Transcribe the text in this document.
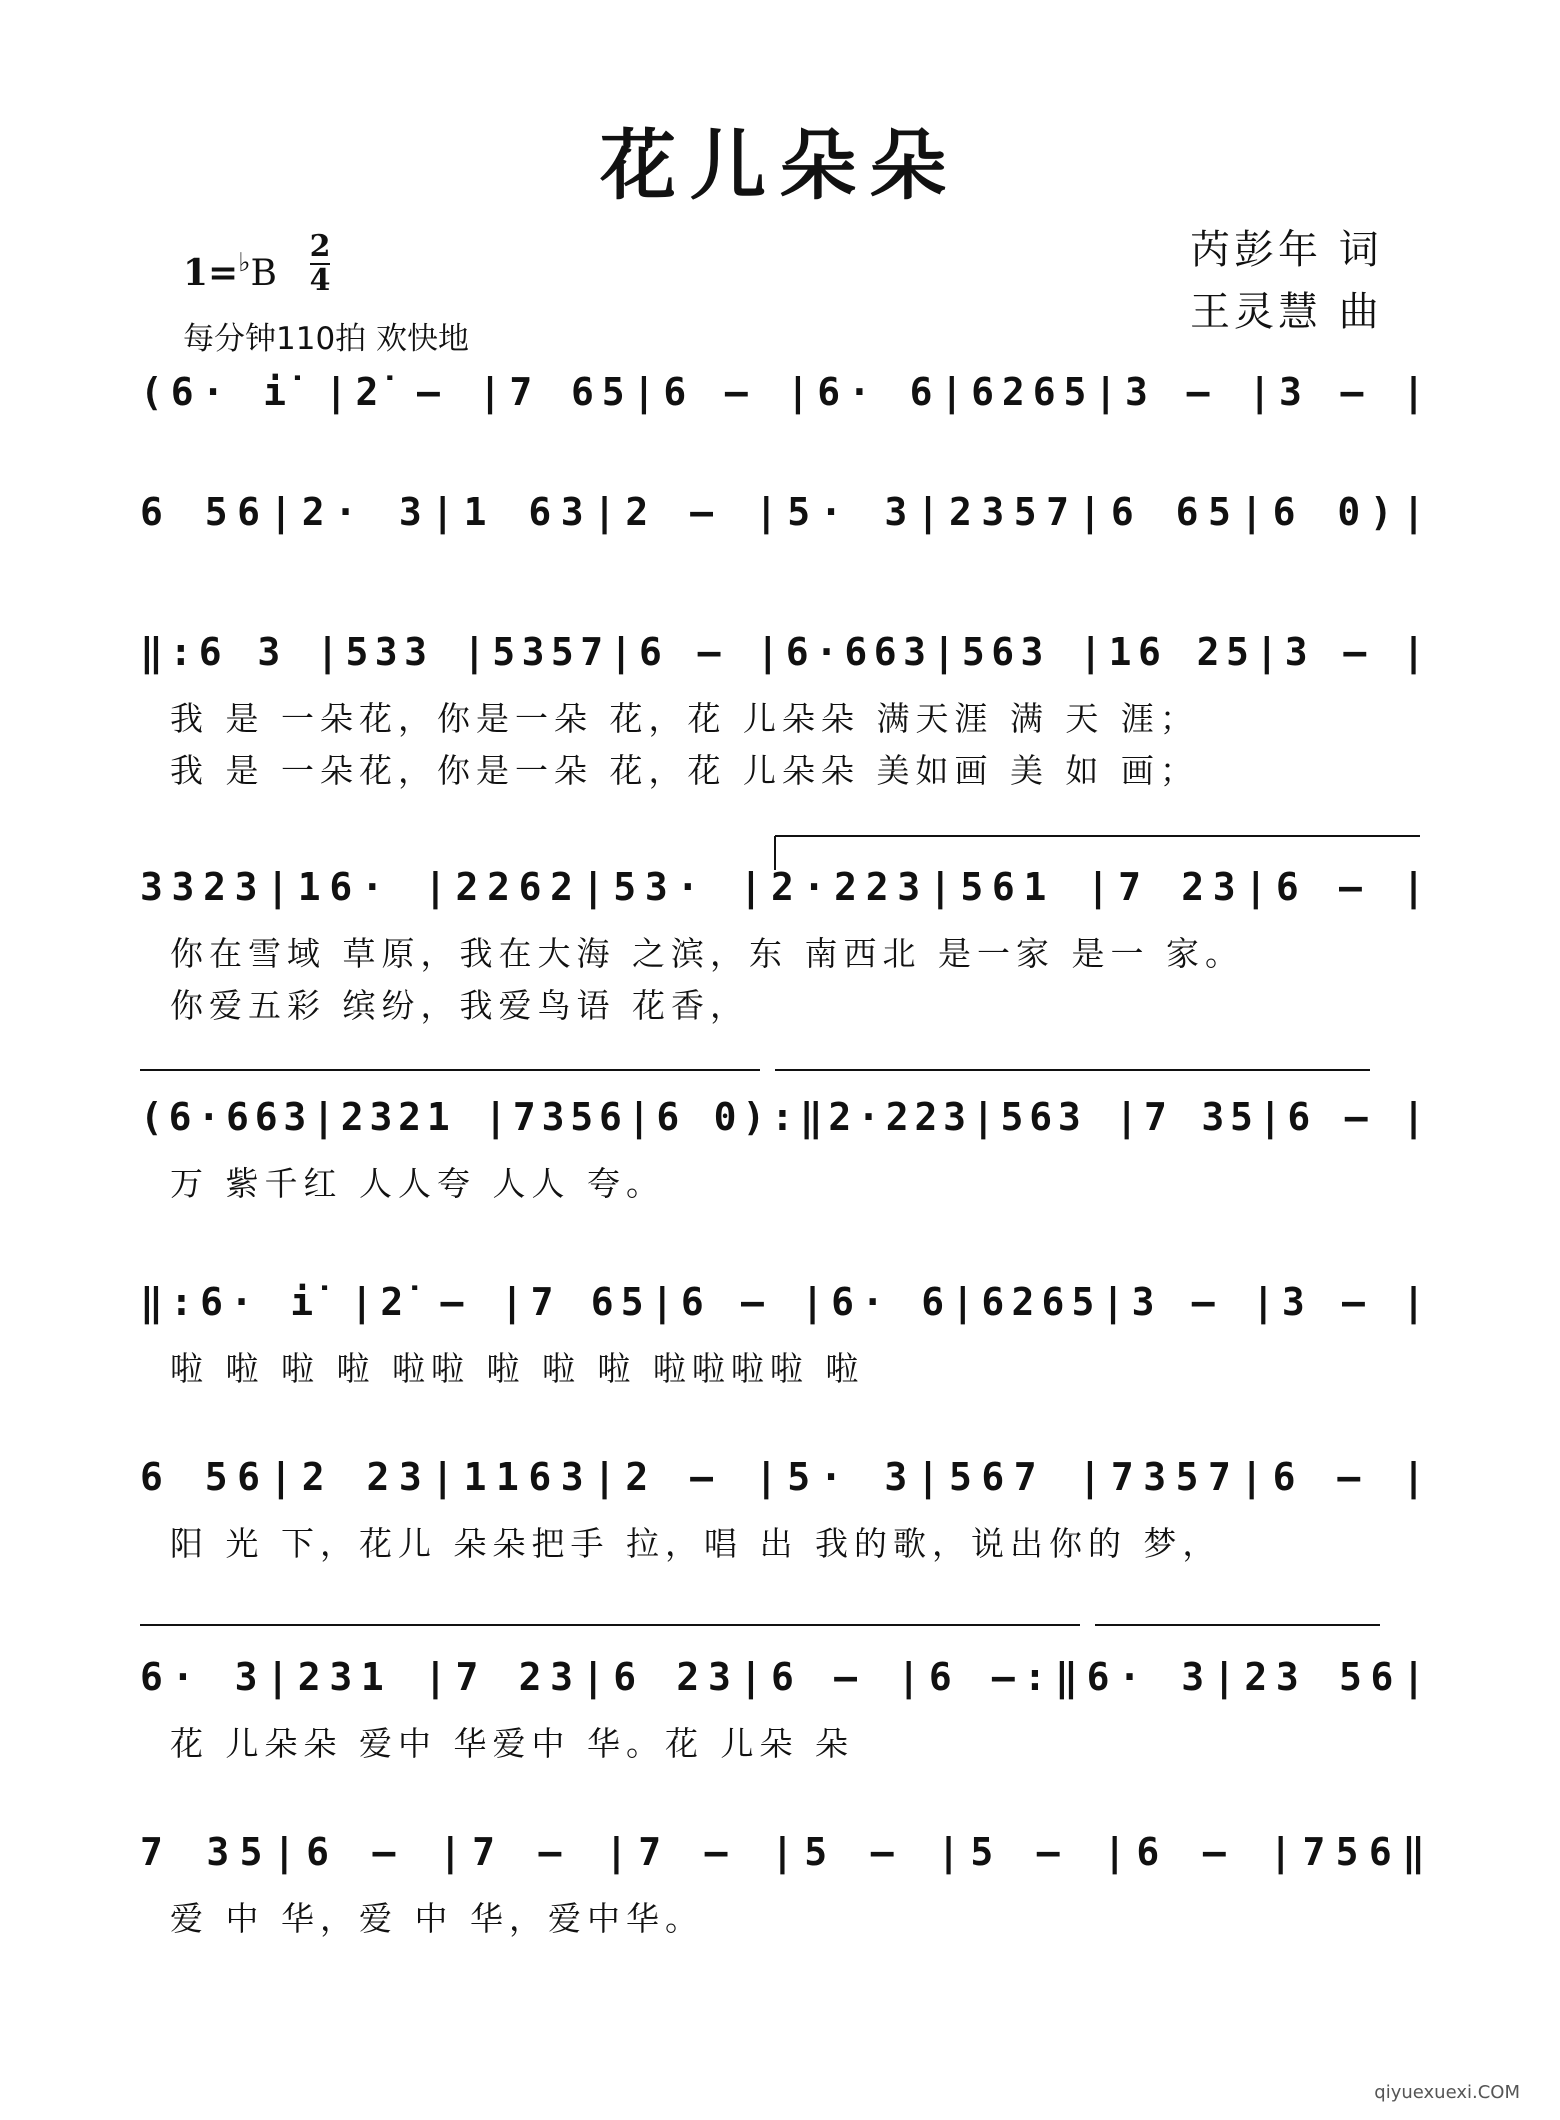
花儿朵朵
1=♭B
2
4
每分钟110拍 欢快地
芮彭年 词
王灵慧 曲
(6· i̇ |2̇ – |7 65|6 – |6· 6|6265|3 – |3 – |
6 56|2· 3|1 63|2 – |5· 3|2357|6 65|6 0)|
‖:6 3 |533 |5357|6 – |6·663|563 |16 25|3 – |
我 是 一朵花，你是一朵 花，花 儿朵朵 满天涯 满 天 涯；
我 是 一朵花，你是一朵 花，花 儿朵朵 美如画 美 如 画；
3323|16· |2262|53· |2·223|561 |7 23|6 – |
你在雪域 草原，我在大海 之滨，东 南西北 是一家 是一 家。
你爱五彩 缤纷，我爱鸟语 花香，
(6·663|2321 |7356|6 0):‖2·223|563 |7 35|6 – |
万 紫千红 人人夸 人人 夸。
‖:6· i̇ |2̇ – |7 65|6 – |6· 6|6265|3 – |3 – |
啦 啦 啦 啦 啦啦 啦 啦 啦 啦啦啦啦 啦
6 56|2 23|1163|2 – |5· 3|567 |7357|6 – |
阳 光 下，花儿 朵朵把手 拉，唱 出 我的歌，说出你的 梦，
6· 3|231 |7 23|6 23|6 – |6 –:‖6· 3|23 56|
花 儿朵朵 爱中 华爱中 华。花 儿朵 朵
7 35|6 – |7 – |7 – |5 – |5 – |6 – |756‖
爱 中 华，爱 中 华，爱中华。
qiyuexuexi.COM
